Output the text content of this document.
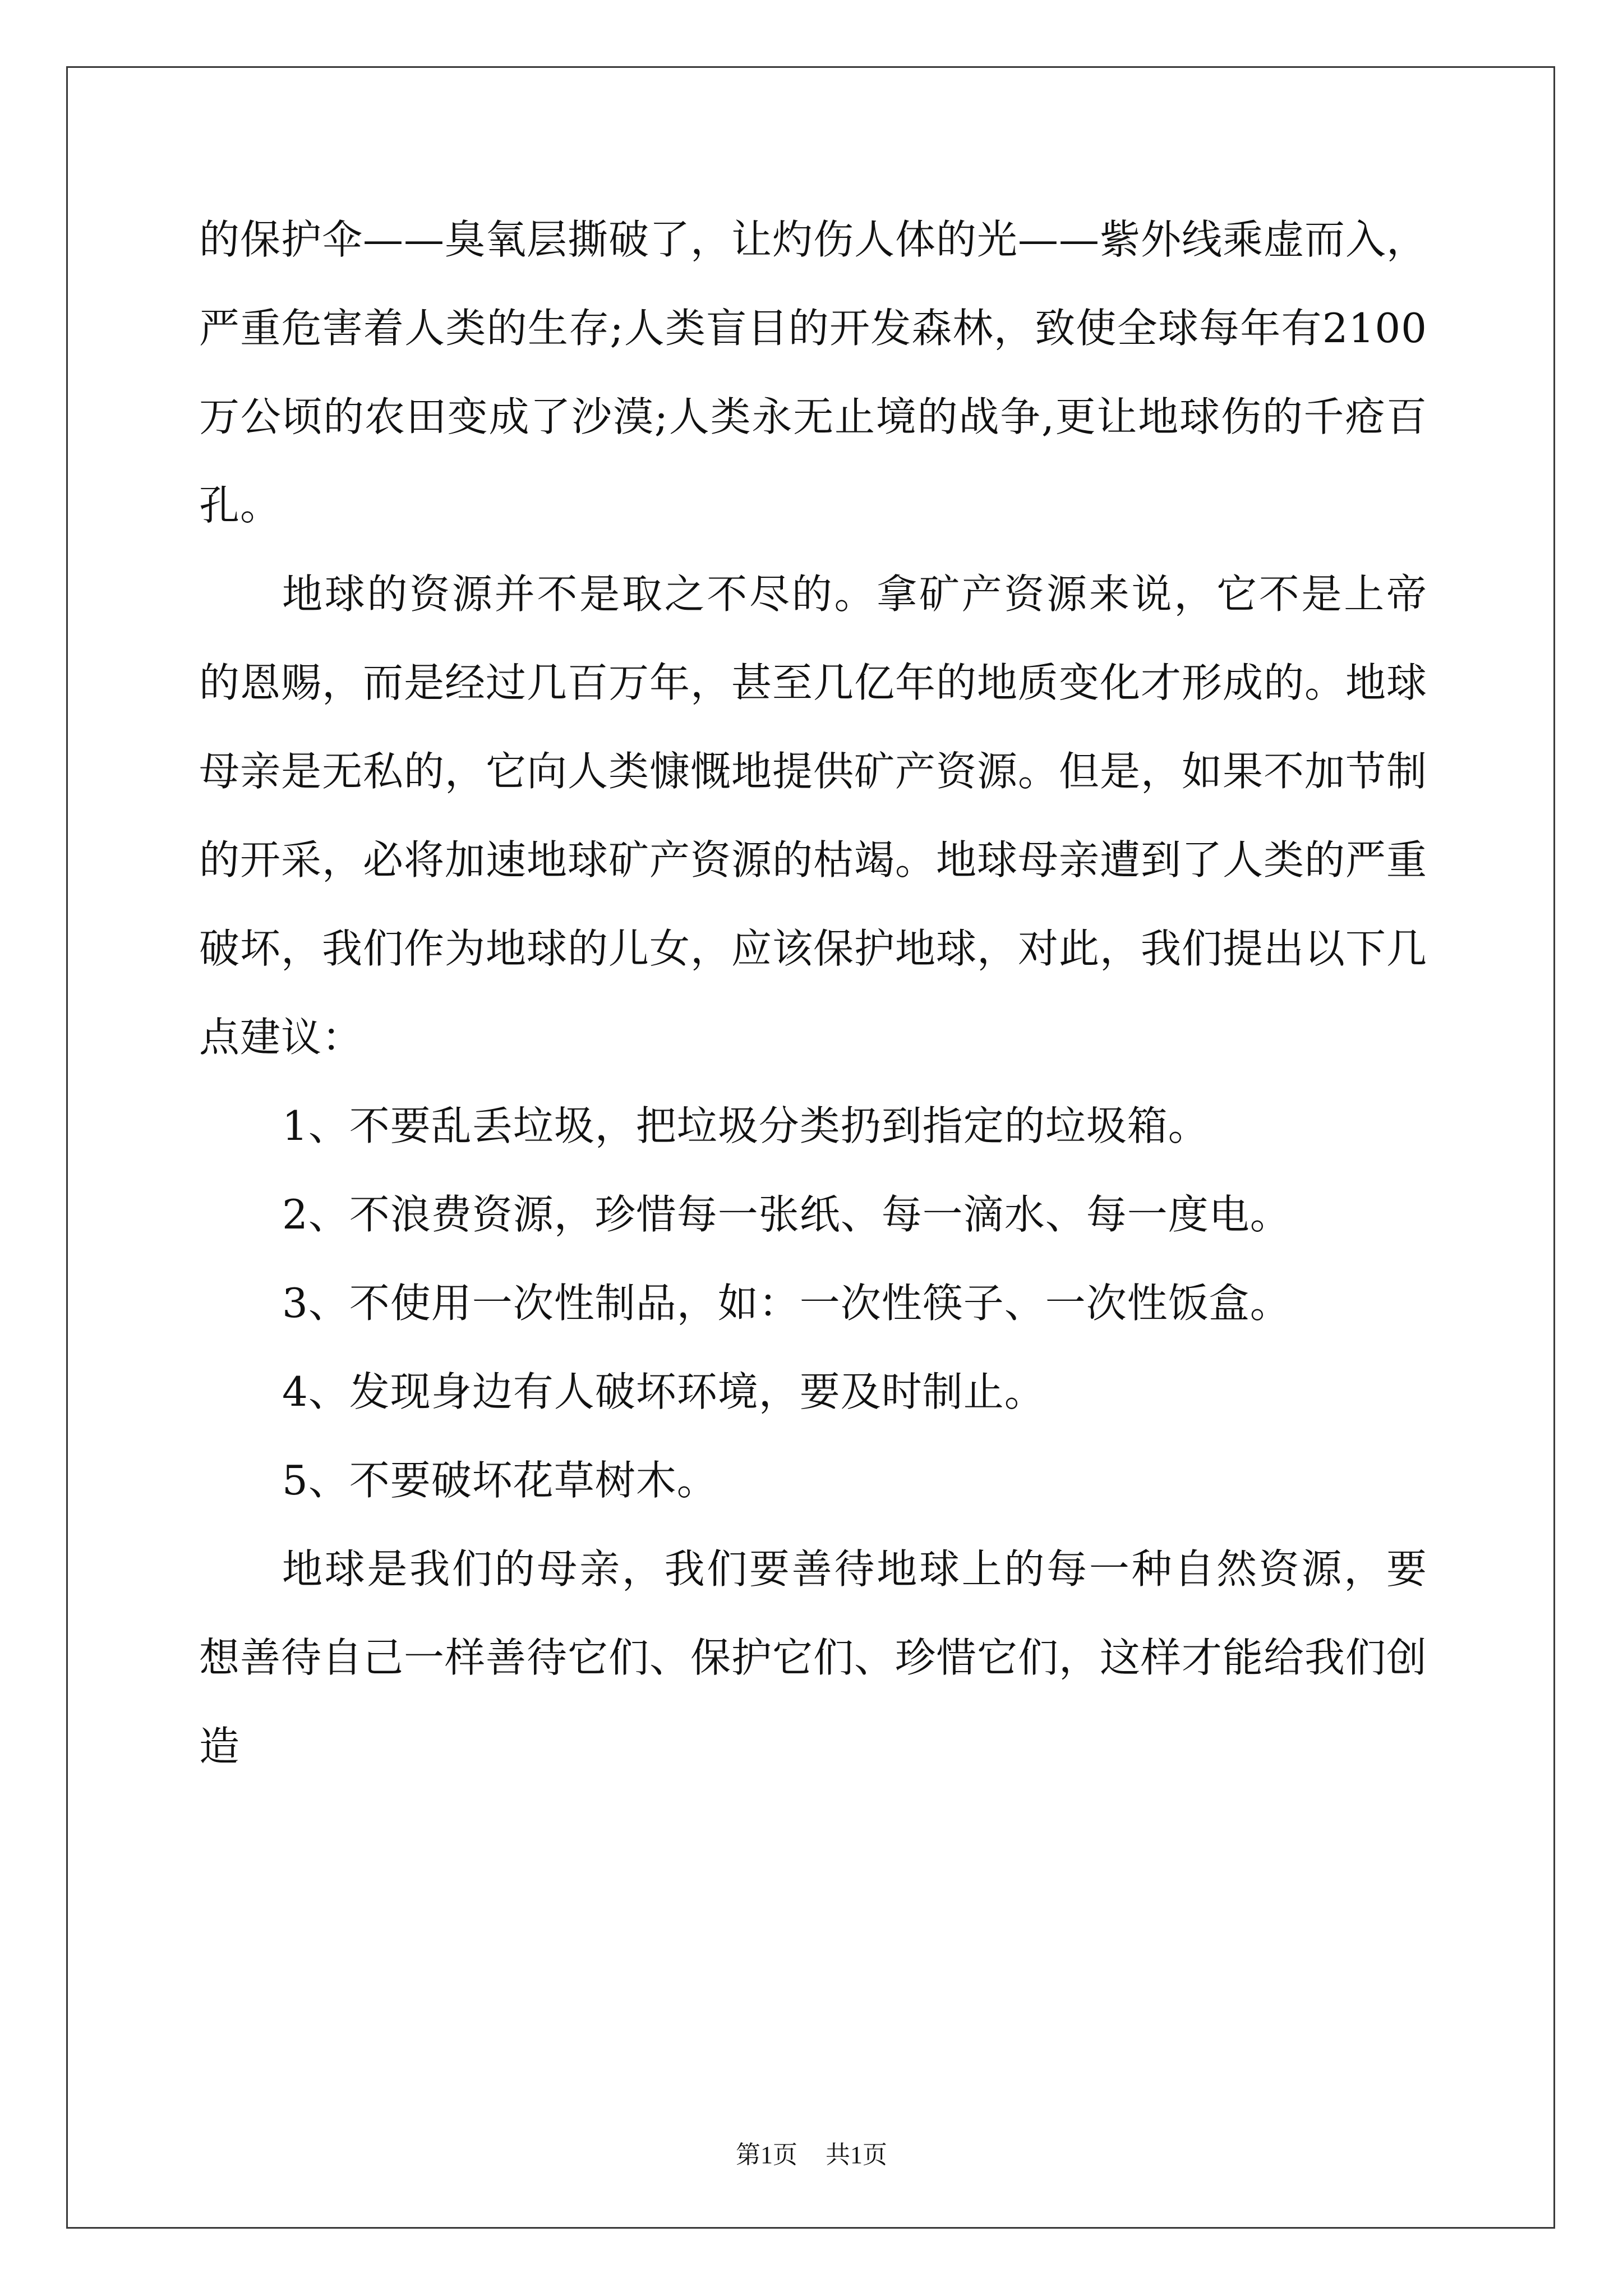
的保护伞——臭氧层撕破了，让灼伤人体的光——紫外线乘虚而入，严重危害着人类的生存;人类盲目的开发森林，致使全球每年有2100万公顷的农田变成了沙漠;人类永无止境的战争,更让地球伤的千疮百孔。

地球的资源并不是取之不尽的。拿矿产资源来说，它不是上帝的恩赐，而是经过几百万年，甚至几亿年的地质变化才形成的。地球母亲是无私的，它向人类慷慨地提供矿产资源。但是，如果不加节制的开采，必将加速地球矿产资源的枯竭。地球母亲遭到了人类的严重破坏，我们作为地球的儿女，应该保护地球，对此，我们提出以下几点建议：

1、不要乱丢垃圾，把垃圾分类扔到指定的垃圾箱。

2、不浪费资源，珍惜每一张纸、每一滴水、每一度电。

3、不使用一次性制品，如：一次性筷子、一次性饭盒。

4、发现身边有人破坏环境，要及时制止。

5、不要破坏花草树木。

地球是我们的母亲，我们要善待地球上的每一种自然资源，要想善待自己一样善待它们、保护它们、珍惜它们，这样才能给我们创造

第1页 共1页
